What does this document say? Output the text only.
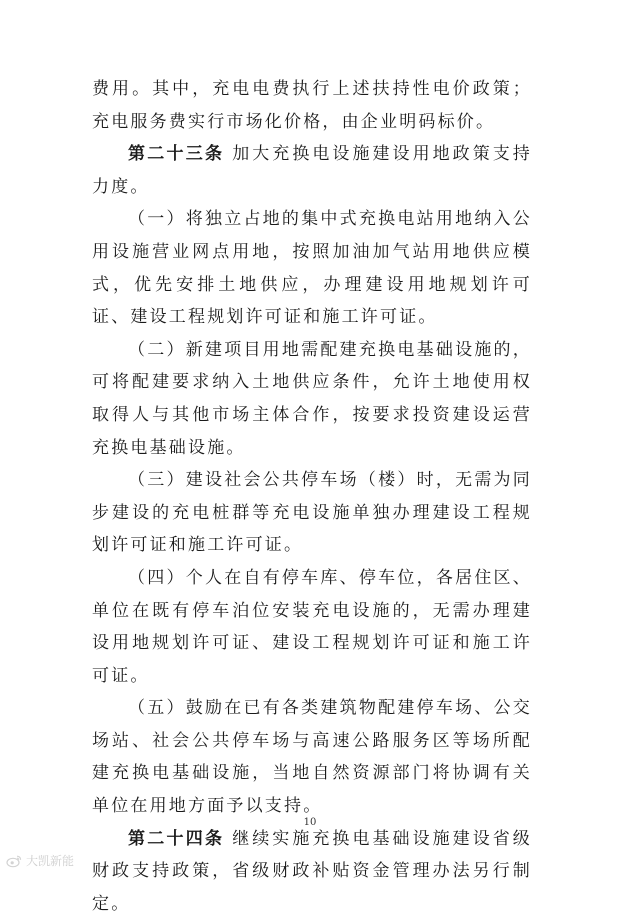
费用。其中，充电电费执行上述扶持性电价政策；充电服务费实行市场化价格，由企业明码标价。

第二十三条 加大充换电设施建设用地政策支持力度。

（一）将独立占地的集中式充换电站用地纳入公用设施营业网点用地，按照加油加气站用地供应模式，优先安排土地供应，办理建设用地规划许可证、建设工程规划许可证和施工许可证。

（二）新建项目用地需配建充换电基础设施的，可将配建要求纳入土地供应条件，允许土地使用权取得人与其他市场主体合作，按要求投资建设运营充换电基础设施。

（三）建设社会公共停车场（楼）时，无需为同步建设的充电桩群等充电设施单独办理建设工程规划许可证和施工许可证。

（四）个人在自有停车库、停车位，各居住区、单位在既有停车泊位安装充电设施的，无需办理建设用地规划许可证、建设工程规划许可证和施工许可证。

（五）鼓励在已有各类建筑物配建停车场、公交场站、社会公共停车场与高速公路服务区等场所配建充换电基础设施，当地自然资源部门将协调有关单位在用地方面予以支持。

第二十四条 继续实施充换电基础设施建设省级财政支持政策，省级财政补贴资金管理办法另行制定。

10
大凯新能
